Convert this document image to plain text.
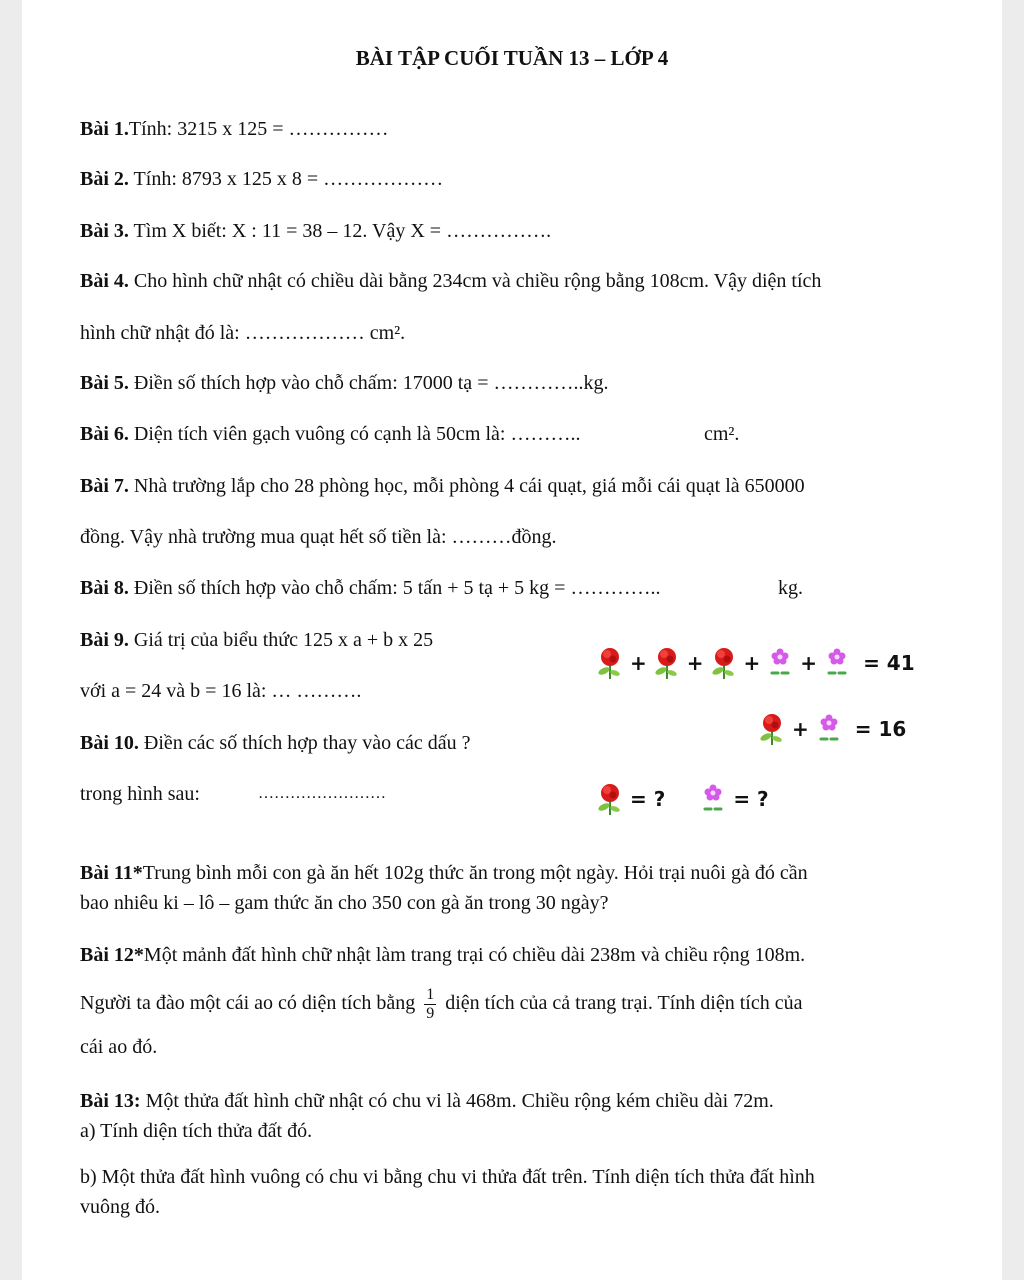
BÀI TẬP CUỐI TUẦN 13 – LỚP 4
Bài 1.Tính: 3215 x 125 = ……………
Bài 2. Tính: 8793 x 125 x 8 = ………………
Bài 3. Tìm X biết: X : 11 = 38 – 12. Vậy X = …………….
Bài 4. Cho hình chữ nhật có chiều dài bằng 234cm và chiều rộng bằng 108cm. Vậy diện tích
hình chữ nhật đó là: ……………… cm².
Bài 5. Điền số thích hợp vào chỗ chấm: 17000 tạ = …………..kg.
Bài 6. Diện tích viên gạch vuông có cạnh là 50cm là: ………..	cm².
Bài 7. Nhà trường lắp cho 28 phòng học, mỗi phòng 4 cái quạt, giá mỗi cái quạt là 650000
đồng. Vậy nhà trường mua quạt hết số tiền là: ………đồng.
Bài 8. Điền số thích hợp vào chỗ chấm: 5 tấn + 5 tạ + 5 kg = …………..	kg.
Bài 9. Giá trị của biểu thức 125 x a + b x 25
với a = 24 và b = 16 là: … ……….
Bài 10. Điền các số thích hợp thay vào các dấu ?
trong hình sau:	……………………
+ + + + = 41
+ = 16
= ?	= ?
Bài 11*Trung bình mỗi con gà ăn hết 102g thức ăn trong một ngày. Hỏi trại nuôi gà đó cần
bao nhiêu ki – lô – gam thức ăn cho 350 con gà ăn trong 30 ngày?
Bài 12*Một mảnh đất hình chữ nhật làm trang trại có chiều dài 238m và chiều rộng 108m.
Người ta đào một cái ao có diện tích bằng $\frac{1}{9}$ diện tích của cả trang trại. Tính diện tích của
cái ao đó.
Bài 13: Một thửa đất hình chữ nhật có chu vi là 468m. Chiều rộng kém chiều dài 72m.
a) Tính diện tích thửa đất đó.
b) Một thửa đất hình vuông có chu vi bằng chu vi thửa đất trên. Tính diện tích thửa đất hình
vuông đó.
